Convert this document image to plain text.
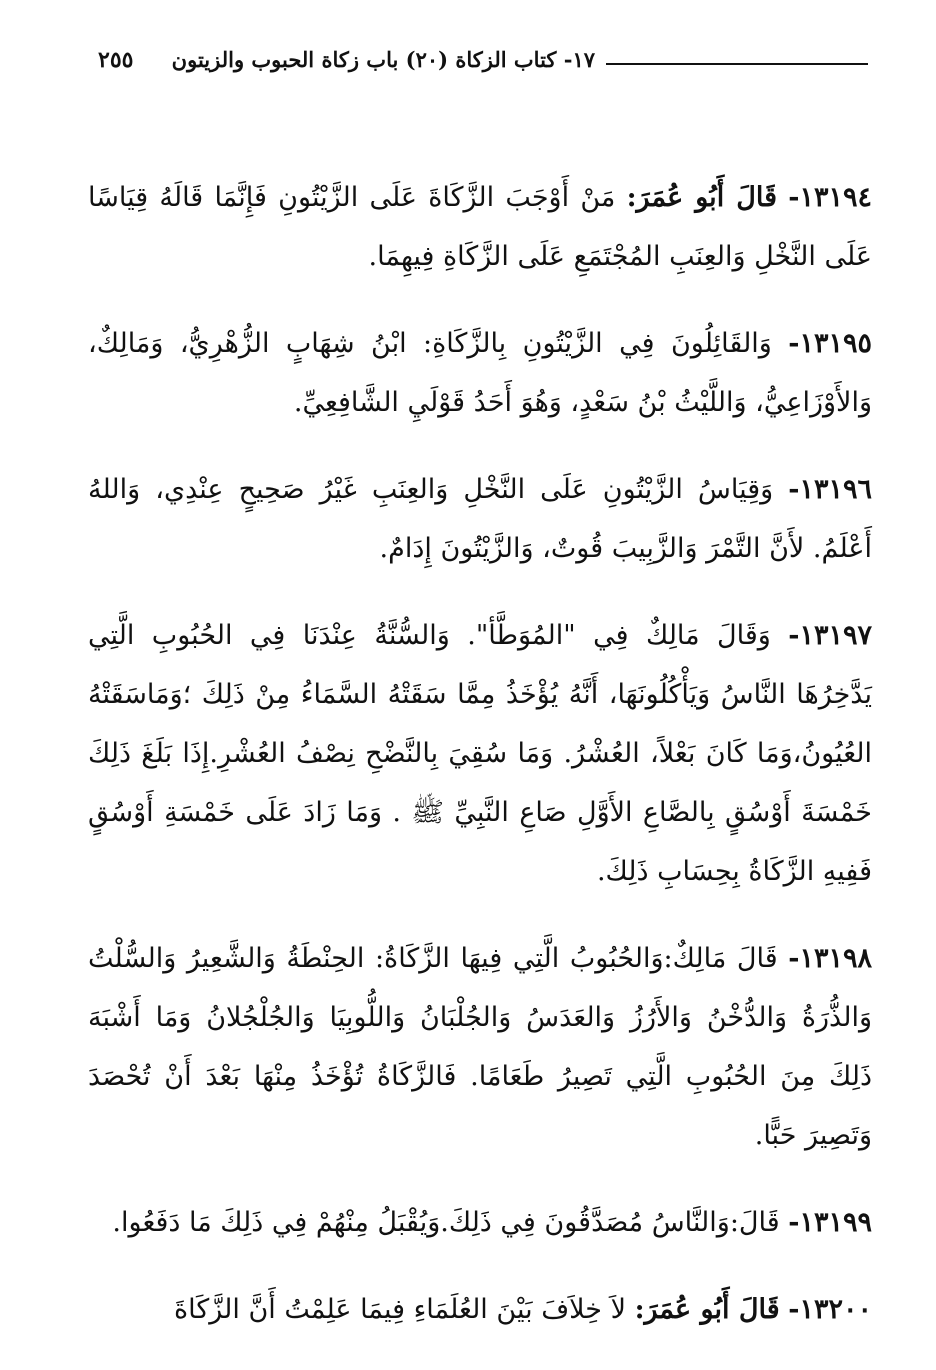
١٧- كتاب الزكاة (٢٠) باب زكاة الحبوب والزيتون
٢٥٥

١٣١٩٤- قَالَ أَبُو عُمَرَ: مَنْ أَوْجَبَ الزَّكَاةَ عَلَى الزَّيْتُونِ فَإِنَّمَا قَالَهُ قِيَاسًا عَلَى النَّخْلِ وَالعِنَبِ المُجْتَمَعِ عَلَى الزَّكَاةِ فِيهِمَا.

١٣١٩٥- وَالقَائِلُونَ فِي الزَّيْتُونِ بِالزَّكَاةِ: ابْنُ شِهَابٍ الزُّهْرِيُّ، وَمَالِكٌ، وَالأَوْزَاعِيُّ، وَاللَّيْثُ بْنُ سَعْدٍ، وَهُوَ أَحَدُ قَوْلَيِ الشَّافِعِيِّ.

١٣١٩٦- وَقِيَاسُ الزَّيْتُونِ عَلَى النَّخْلِ وَالعِنَبِ غَيْرُ صَحِيحٍ عِنْدِي، وَاللهُ أَعْلَمُ. لأَنَّ التَّمْرَ وَالزَّبِيبَ قُوتٌ، وَالزَّيْتُونَ إِدَامٌ.

١٣١٩٧- وَقَالَ مَالِكٌ فِي "المُوَطَّأ". وَالسُّنَّةُ عِنْدَنَا فِي الحُبُوبِ الَّتِي يَدَّخِرُهَا النَّاسُ وَيَأْكُلُونَهَا، أَنَّهُ يُؤْخَذُ مِمَّا سَقَتْهُ السَّمَاءُ مِنْ ذَلِكَ ؛وَمَاسَقَتْهُ العُيُونُ،وَمَا كَانَ بَعْلاً، العُشْرُ. وَمَا سُقِيَ بِالنَّضْحِ نِصْفُ العُشْرِ.إِذَا بَلَغَ ذَلِكَ خَمْسَةَ أَوْسُقٍ بِالصَّاعِ الأَوَّلِ صَاعِ النَّبِيِّ ﷺ . وَمَا زَادَ عَلَى خَمْسَةِ أَوْسُقٍ فَفِيهِ الزَّكَاةُ بِحِسَابِ ذَلِكَ.

١٣١٩٨- قَالَ مَالِكٌ:وَالحُبُوبُ الَّتِي فِيهَا الزَّكَاةُ: الحِنْطَةُ وَالشَّعِيرُ وَالسُّلْتُ وَالذُّرَةُ وَالدُّخْنُ وَالأَرُزُ وَالعَدَسُ وَالجُلْبَانُ وَاللُّوبِيَا وَالجُلْجُلانُ وَمَا أَشْبَهَ ذَلِكَ مِنَ الحُبُوبِ الَّتِي تَصِيرُ طَعَامًا. فَالزَّكَاةُ تُؤْخَذُ مِنْهَا بَعْدَ أَنْ تُحْصَدَ وَتَصِيرَ حَبًّا.

١٣١٩٩- قَالَ:وَالنَّاسُ مُصَدَّقُونَ فِي ذَلِكَ.وَيُقْبَلُ مِنْهُمْ فِي ذَلِكَ مَا دَفَعُوا.

١٣٢٠٠- قَالَ أَبُو عُمَرَ: لاَ خِلاَفَ بَيْنَ العُلَمَاءِ فِيمَا عَلِمْتُ أَنَّ الزَّكَاةَ
